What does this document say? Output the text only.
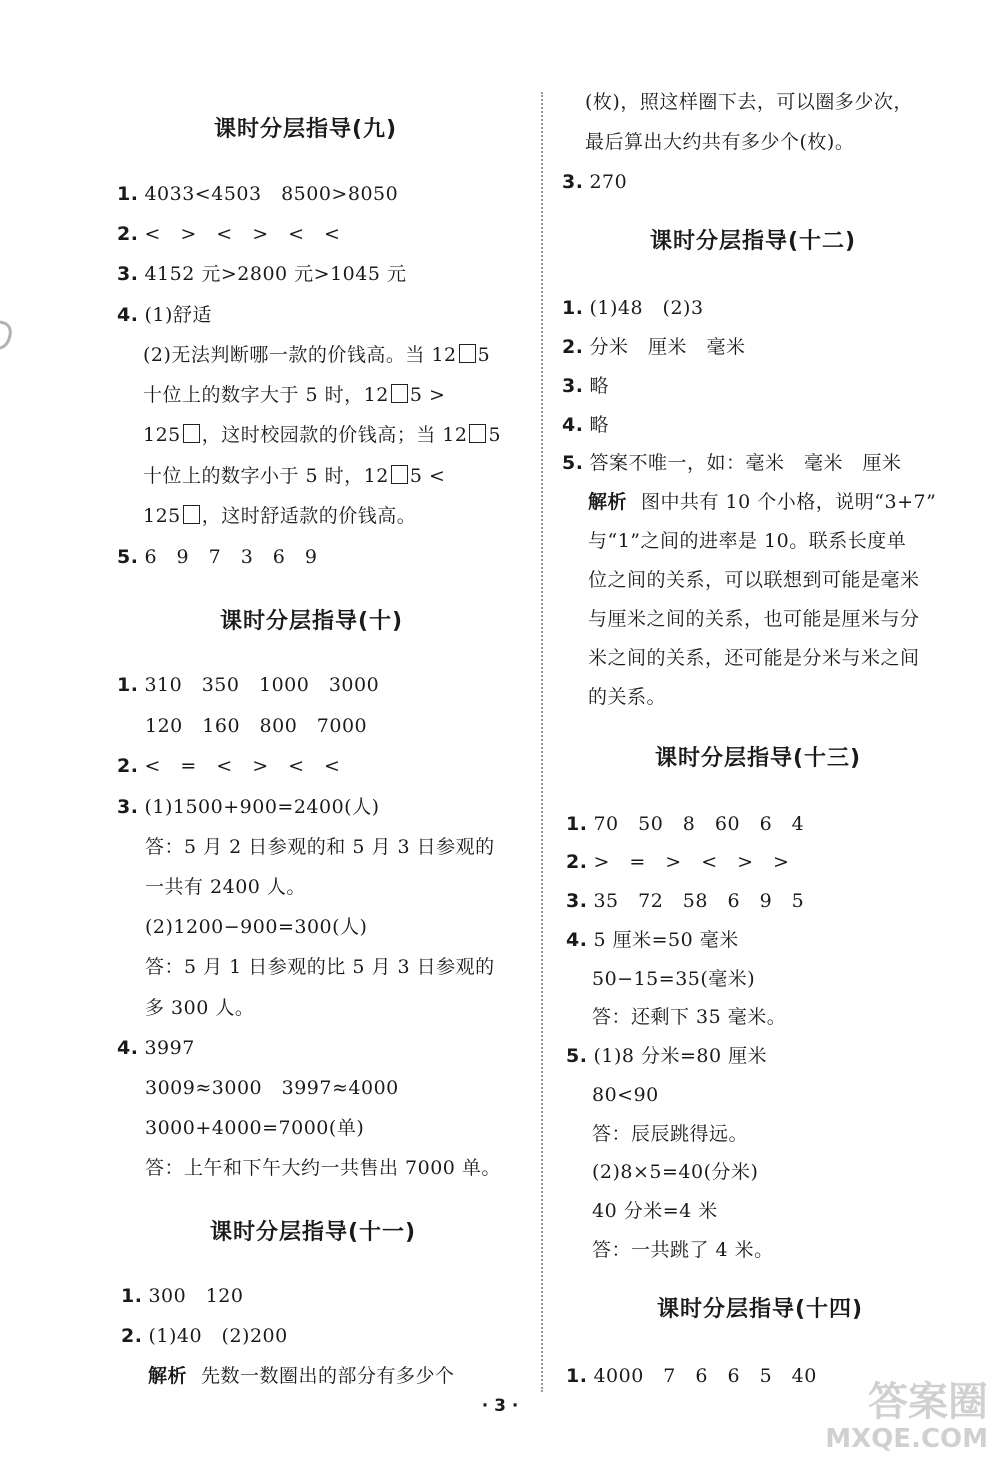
课时分层指导(九)
1. 4033<4503　8500>8050
2. <　>　<　>　<　<
3. 4152 元>2800 元>1045 元
4. (1)舒适
(2)无法判断哪一款的价钱高。当 12 5
十位上的数字大于 5 时，12 5 >
125 ，这时校园款的价钱高；当 12 5
十位上的数字小于 5 时，12 5 <
125 ，这时舒适款的价钱高。
5. 6　9　7　3　6　9
课时分层指导(十)
1. 310　350　1000　3000
120　160　800　7000
2. <　=　<　>　<　<
3. (1)1500+900=2400(人)
答：5 月 2 日参观的和 5 月 3 日参观的
一共有 2400 人。
(2)1200−900=300(人)
答：5 月 1 日参观的比 5 月 3 日参观的
多 300 人。
4. 3997
3009≈3000　3997≈4000
3000+4000=7000(单)
答：上午和下午大约一共售出 7000 单。
课时分层指导(十一)
1. 300　120
2. (1)40　(2)200
解析 先数一数圈出的部分有多少个
(枚)，照这样圈下去，可以圈多少次，
最后算出大约共有多少个(枚)。
3. 270
课时分层指导(十二)
1. (1)48　(2)3
2. 分米　厘米　毫米
3. 略
4. 略
5. 答案不唯一，如：毫米　毫米　厘米
解析 图中共有 10 个小格，说明“3+7”
与“1”之间的进率是 10。联系长度单
位之间的关系，可以联想到可能是毫米
与厘米之间的关系，也可能是厘米与分
米之间的关系，还可能是分米与米之间
的关系。
课时分层指导(十三)
1. 70　50　8　60　6　4
2. >　=　>　<　>　>
3. 35　72　58　6　9　5
4. 5 厘米=50 毫米
50−15=35(毫米)
答：还剩下 35 毫米。
5. (1)8 分米=80 厘米
80<90
答：辰辰跳得远。
(2)8×5=40(分米)
40 分米=4 米
答：一共跳了 4 米。
课时分层指导(十四)
1. 4000　7　6　6　5　40
· 3 ·	答案圈
MXQE.COM
